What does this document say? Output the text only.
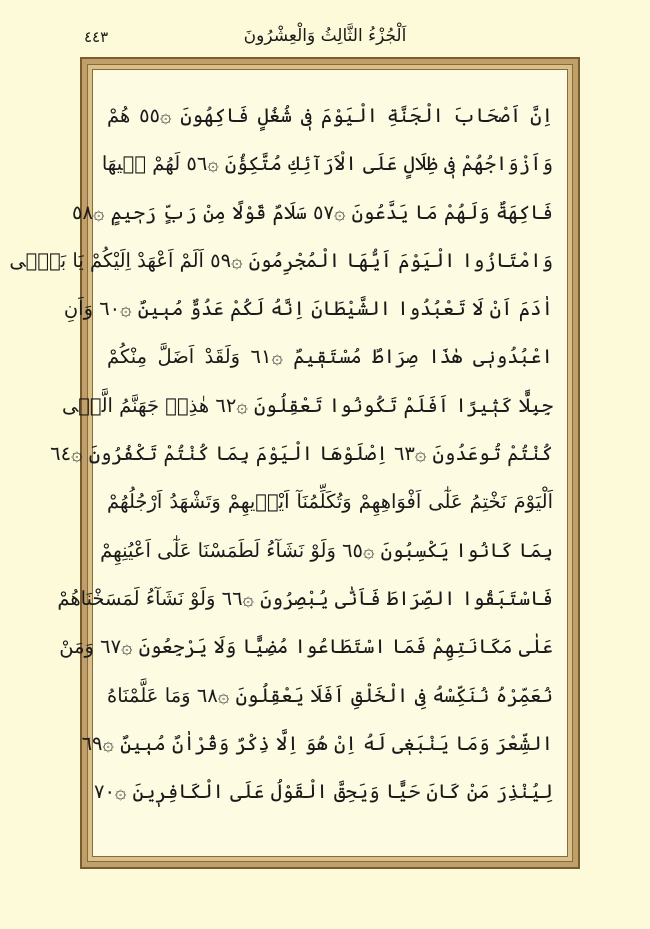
اَلْجُزْءُ الثَّالِثُ وَالْعِشْرُونَ
٤٤٣
اِنَّ اَصْحَابَ الْجَنَّةِ الْيَوْمَ فٖى شُغُلٍ فَاكِهُونَ ۞٥٥ هُمْ
وَاَزْوَاجُهُمْ فٖى ظِلَالٍ عَلَى الْاَرَآئِكِ مُتَّكِؤُنَ ۞٥٦ لَهُمْ فٖيهَا
فَاكِهَةٌ وَلَهُمْ مَا يَدَّعُونَ ۞٥٧ سَلَامٌ قَوْلًا مِنْ رَبٍّ رَحٖيمٍ ۞٥٨
وَامْتَازُوا الْيَوْمَ اَيُّهَا الْمُجْرِمُونَ ۞٥٩ اَلَمْ اَعْهَدْ اِلَيْكُمْ يَا بَنٖٓى
اٰدَمَ اَنْ لَا تَعْبُدُوا الشَّيْطَانَ اِنَّهُ لَكُمْ عَدُوٌّ مُبٖينٌ ۞٦٠ وَاَنِ
اعْبُدُونٖى هٰذَا صِرَاطٌ مُسْتَقٖيمٌ ۞٦١ وَلَقَدْ اَضَلَّ مِنْكُمْ
جِبِلًّا كَثٖيرًا اَفَلَمْ تَكُونُوا تَعْقِلُونَ ۞٦٢ هٰذِهٖ جَهَنَّمُ الَّتٖى
كُنْتُمْ تُوعَدُونَ ۞٦٣ اِصْلَوْهَا الْيَوْمَ بِمَا كُنْتُمْ تَكْفُرُونَ ۞٦٤
اَلْيَوْمَ نَخْتِمُ عَلٰٓى اَفْوَاهِهِمْ وَتُكَلِّمُنَآ اَيْدٖيهِمْ وَتَشْهَدُ اَرْجُلُهُمْ
بِمَا كَانُوا يَكْسِبُونَ ۞٦٥ وَلَوْ نَشَآءُ لَطَمَسْنَا عَلٰٓى اَعْيُنِهِمْ
فَاسْتَبَقُوا الصِّرَاطَ فَاَنّٰى يُبْصِرُونَ ۞٦٦ وَلَوْ نَشَآءُ لَمَسَخْنَاهُمْ
عَلٰى مَكَانَتِهِمْ فَمَا اسْتَطَاعُوا مُضِيًّا وَلَا يَرْجِعُونَ ۞٦٧ وَمَنْ
نُعَمِّرْهُ نُنَكِّسْهُ فِى الْخَلْقِ اَفَلَا يَعْقِلُونَ ۞٦٨ وَمَا عَلَّمْنَاهُ
الشِّعْرَ وَمَا يَنْبَغٖى لَهُ اِنْ هُوَ اِلَّا ذِكْرٌ وَقُرْاٰنٌ مُبٖينٌ ۞٦٩
لِيُنْذِرَ مَنْ كَانَ حَيًّا وَيَحِقَّ الْقَوْلُ عَلَى الْكَافِرٖينَ ۞٧٠
